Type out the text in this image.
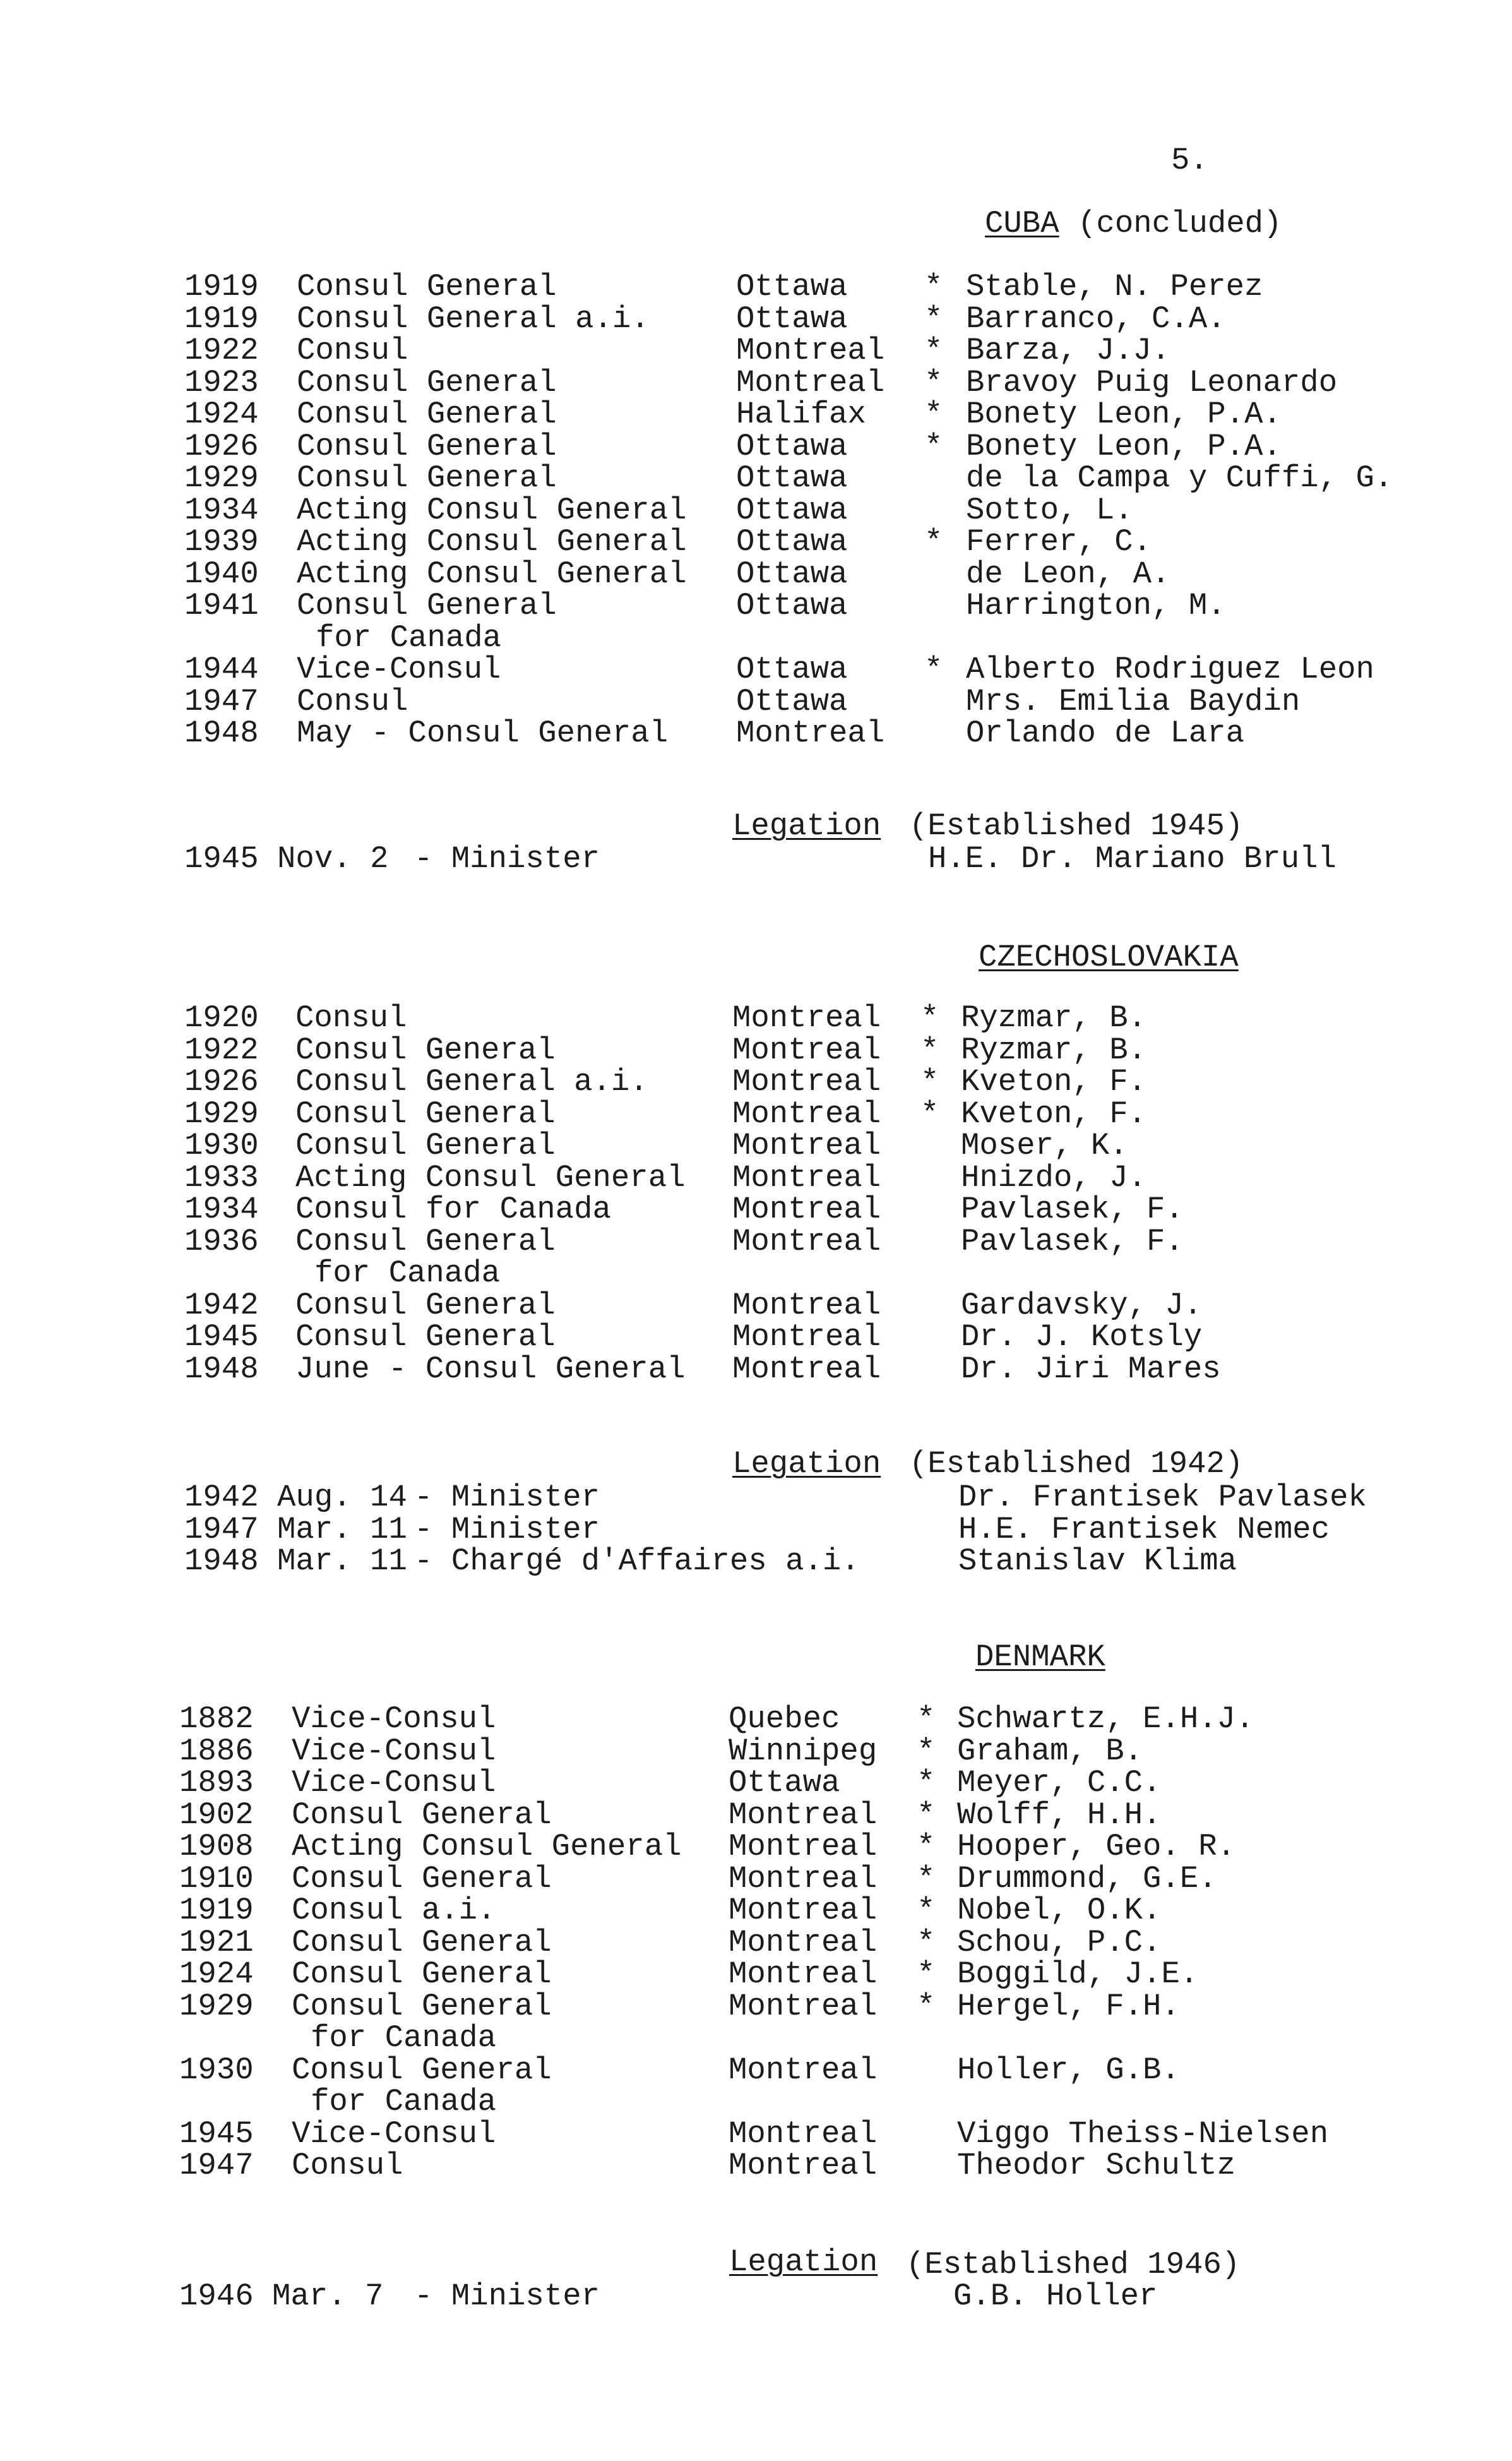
5.
CUBA (concluded)
1919 Consul General	Ottawa * Stable, N. Perez
1919 Consul General a.i.	Ottawa * Barranco, C.A.
1922 Consul	Montreal * Barza, J.J.
1923 Consul General	Montreal * Bravoy Puig Leonardo
1924 Consul General	Halifax * Bonety Leon, P.A.
1926 Consul General	Ottawa * Bonety Leon, P.A.
1929 Consul General	Ottawa	de la Campa y Cuffi, G.
1934 Acting Consul General Ottawa	Sotto, L.
1939 Acting Consul General Ottawa * Ferrer, C.
1940 Acting Consul General Ottawa	de Leon, A.
1941 Consul General	Ottawa	Harrington, M.
for Canada
1944 Vice-Consul	Ottawa * Alberto Rodriguez Leon
1947 Consul	Ottawa	Mrs. Emilia Baydin
1948 May - Consul General Montreal	Orlando de Lara
Legation (Established 1945)
1945 Nov. 2 - Minister	H.E. Dr. Mariano Brull
CZECHOSLOVAKIA
1920 Consul	Montreal * Ryzmar, B.
1922 Consul General	Montreal * Ryzmar, B.
1926 Consul General a.i.	Montreal * Kveton, F.
1929 Consul General	Montreal * Kveton, F.
1930 Consul General	Montreal	Moser, K.
1933 Acting Consul General Montreal	Hnizdo, J.
1934 Consul for Canada	Montreal	Pavlasek, F.
1936 Consul General	Montreal	Pavlasek, F.
for Canada
1942 Consul General	Montreal	Gardavsky, J.
1945 Consul General	Montreal	Dr. J. Kotsly
1948 June - Consul General Montreal	Dr. Jiri Mares
Legation (Established 1942)
1942 Aug. 14 - Minister	Dr. Frantisek Pavlasek
1947 Mar. 11 - Minister	H.E. Frantisek Nemec
1948 Mar. 11 - Chargé d'Affaires a.i.	Stanislav Klima
DENMARK
1882 Vice-Consul	Quebec * Schwartz, E.H.J.
1886 Vice-Consul	Winnipeg * Graham, B.
1893 Vice-Consul	Ottawa * Meyer, C.C.
1902 Consul General	Montreal * Wolff, H.H.
1908 Acting Consul General Montreal * Hooper, Geo. R.
1910 Consul General	Montreal * Drummond, G.E.
1919 Consul a.i.	Montreal * Nobel, O.K.
1921 Consul General	Montreal * Schou, P.C.
1924 Consul General	Montreal * Boggild, J.E.
1929 Consul General	Montreal * Hergel, F.H.
for Canada
1930 Consul General	Montreal	Holler, G.B.
for Canada
1945 Vice-Consul	Montreal	Viggo Theiss-Nielsen
1947 Consul	Montreal	Theodor Schultz
Legation (Established 1946)
1946 Mar. 7 - Minister	G.B. Holler
